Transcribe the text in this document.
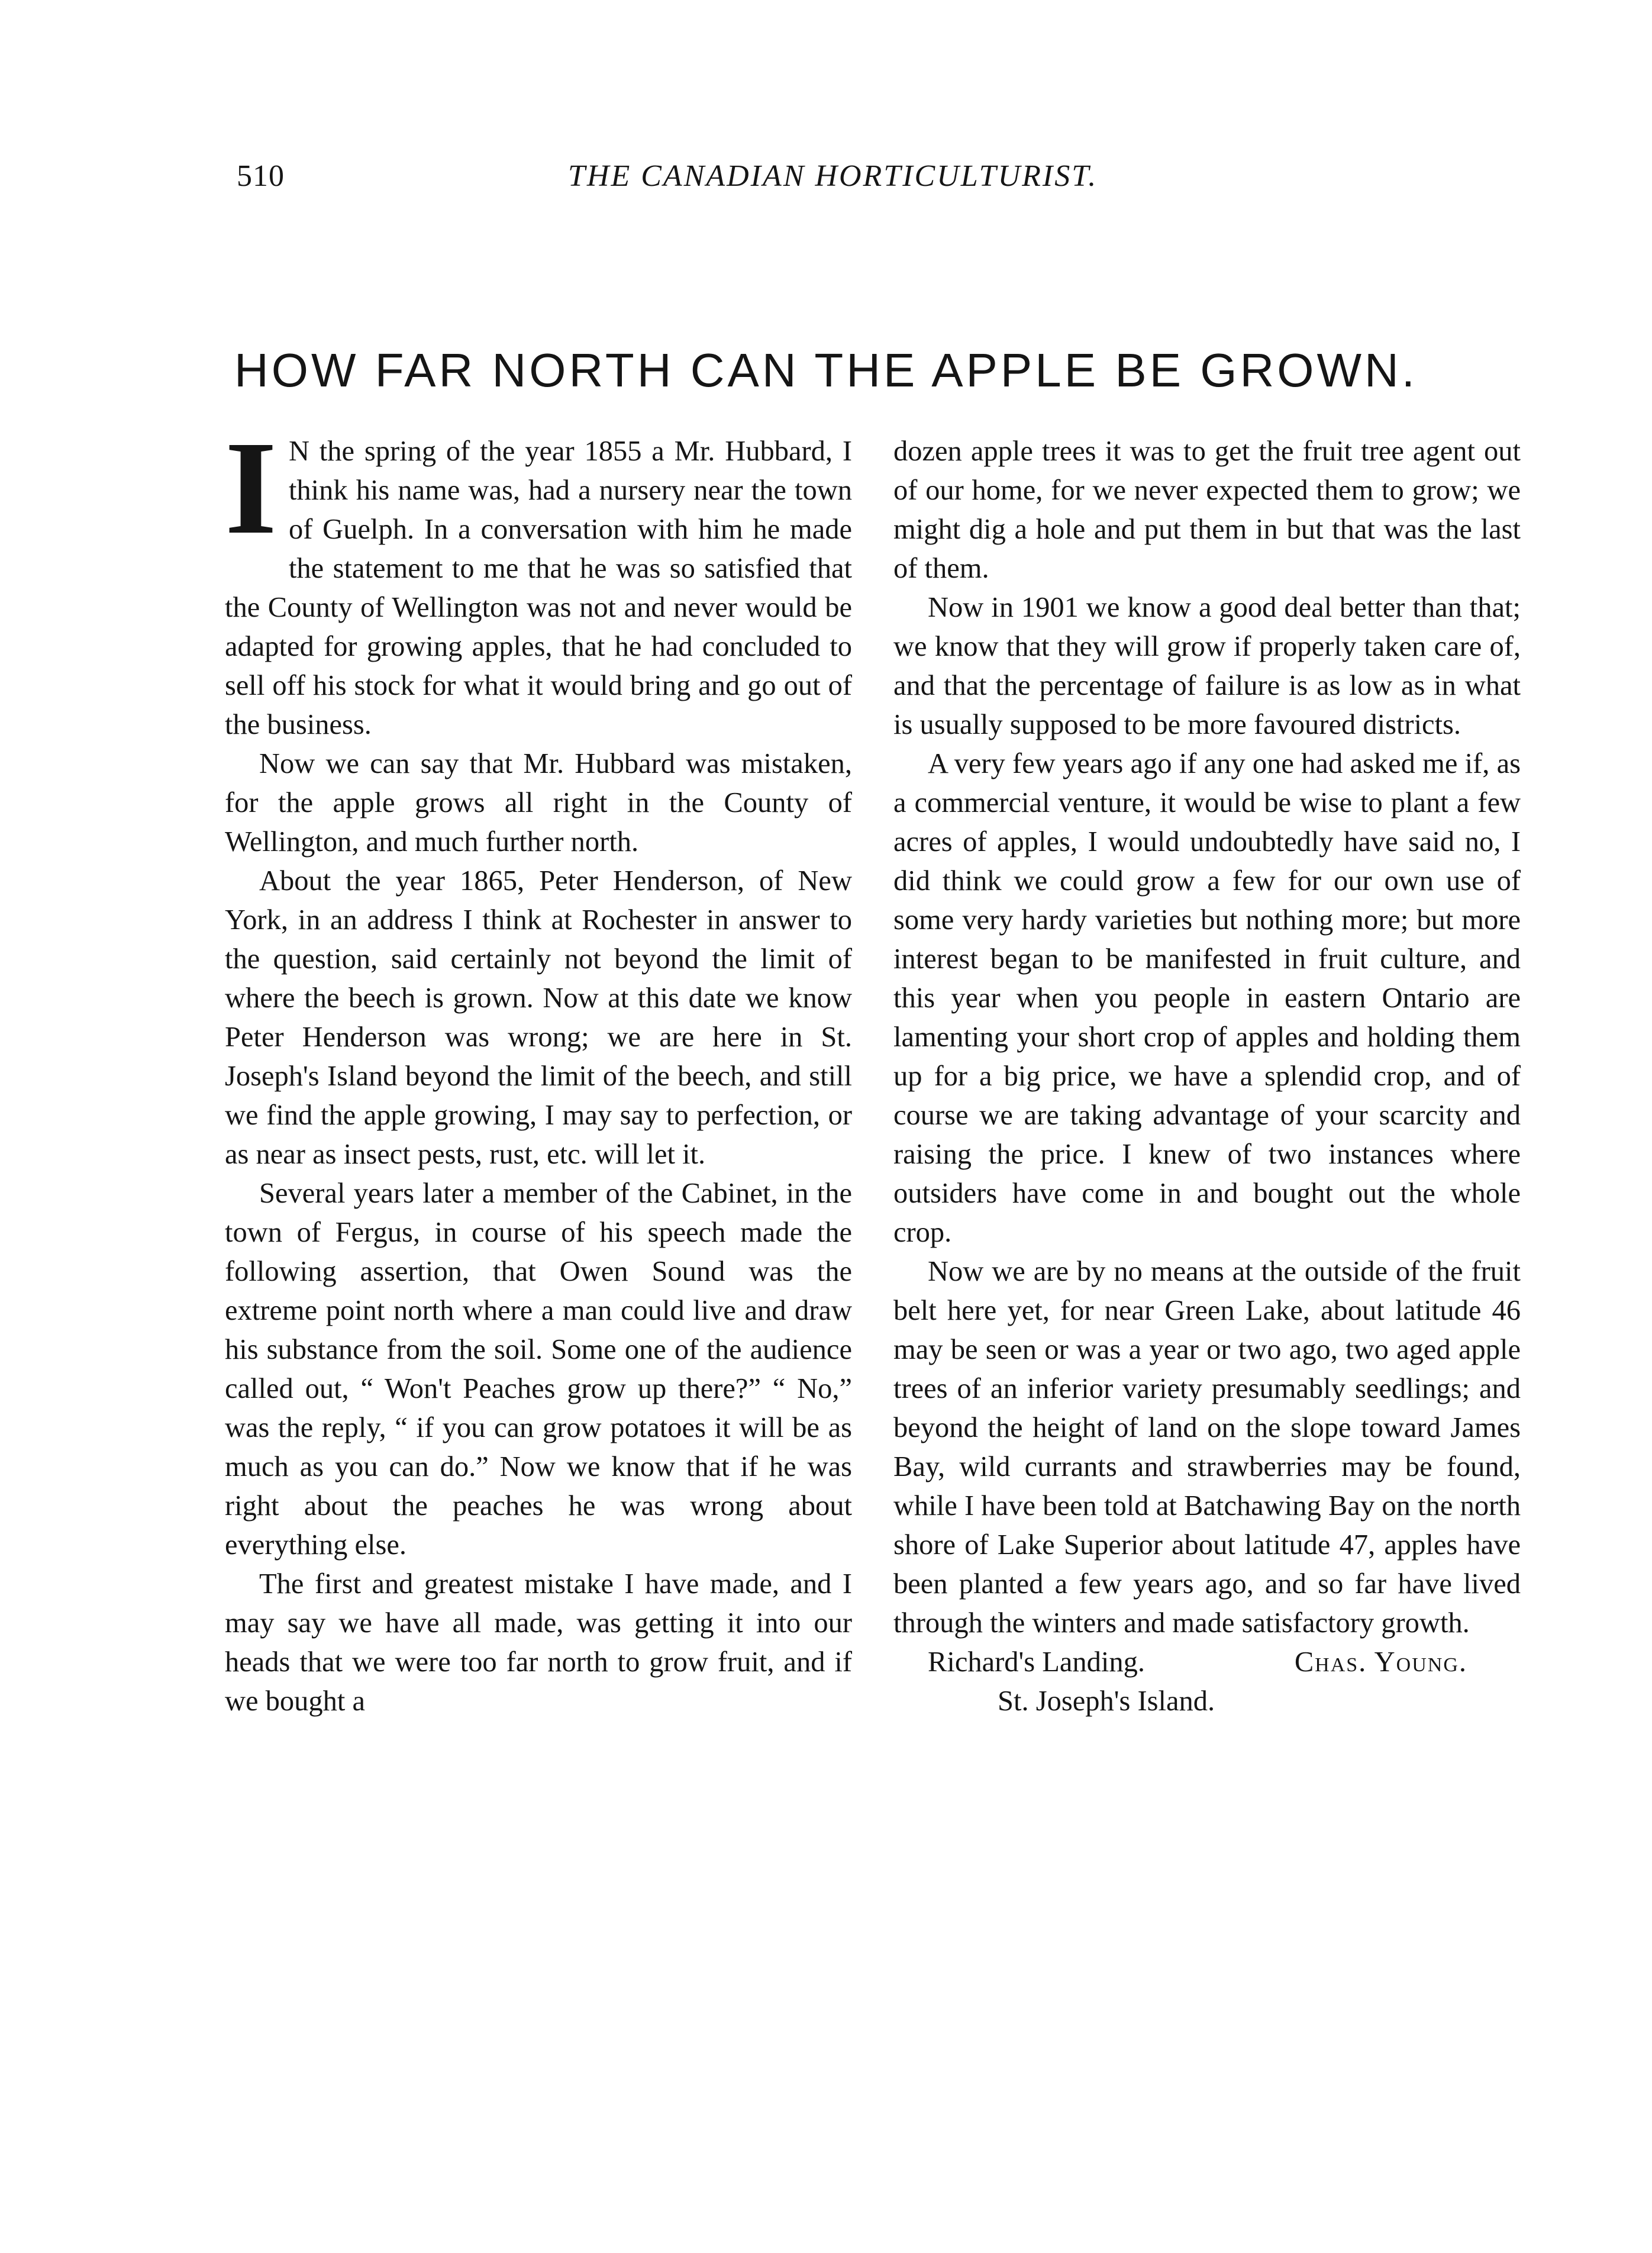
510	THE CANADIAN HORTICULTURIST.
HOW FAR NORTH CAN THE APPLE BE GROWN.

I N the spring of the year 1855 a Mr. Hubbard, I think his name was, had a nursery near the town of Guelph. In a conversation with him he made the statement to me that he was so satisfied that the County of Wellington was not and never would be adapted for growing apples, that he had concluded to sell off his stock for what it would bring and go out of the business.

Now we can say that Mr. Hubbard was mistaken, for the apple grows all right in the County of Wellington, and much further north.

About the year 1865, Peter Henderson, of New York, in an address I think at Rochester in answer to the question, said certainly not beyond the limit of where the beech is grown. Now at this date we know Peter Henderson was wrong; we are here in St. Joseph's Island beyond the limit of the beech, and still we find the apple growing, I may say to perfection, or as near as insect pests, rust, etc. will let it.

Several years later a member of the Cabinet, in the town of Fergus, in course of his speech made the following assertion, that Owen Sound was the extreme point north where a man could live and draw his substance from the soil. Some one of the audience called out, “ Won't Peaches grow up there?” “ No,” was the reply, “ if you can grow potatoes it will be as much as you can do.” Now we know that if he was right about the peaches he was wrong about everything else.

The first and greatest mistake I have made, and I may say we have all made, was getting it into our heads that we were too far north to grow fruit, and if we bought a

dozen apple trees it was to get the fruit tree agent out of our home, for we never expected them to grow; we might dig a hole and put them in but that was the last of them.

Now in 1901 we know a good deal better than that; we know that they will grow if properly taken care of, and that the percentage of failure is as low as in what is usually supposed to be more favoured districts.

A very few years ago if any one had asked me if, as a commercial venture, it would be wise to plant a few acres of apples, I would undoubtedly have said no, I did think we could grow a few for our own use of some very hardy varieties but nothing more; but more interest began to be manifested in fruit culture, and this year when you people in eastern Ontario are lamenting your short crop of apples and holding them up for a big price, we have a splendid crop, and of course we are taking advantage of your scarcity and raising the price. I knew of two instances where outsiders have come in and bought out the whole crop.

Now we are by no means at the outside of the fruit belt here yet, for near Green Lake, about latitude 46 may be seen or was a year or two ago, two aged apple trees of an inferior variety presumably seedlings; and beyond the height of land on the slope toward James Bay, wild currants and strawberries may be found, while I have been told at Batchawing Bay on the north shore of Lake Superior about latitude 47, apples have been planted a few years ago, and so far have lived through the winters and made satisfactory growth.

Richard's Landing.	Chas. Young.

St. Joseph's Island.
